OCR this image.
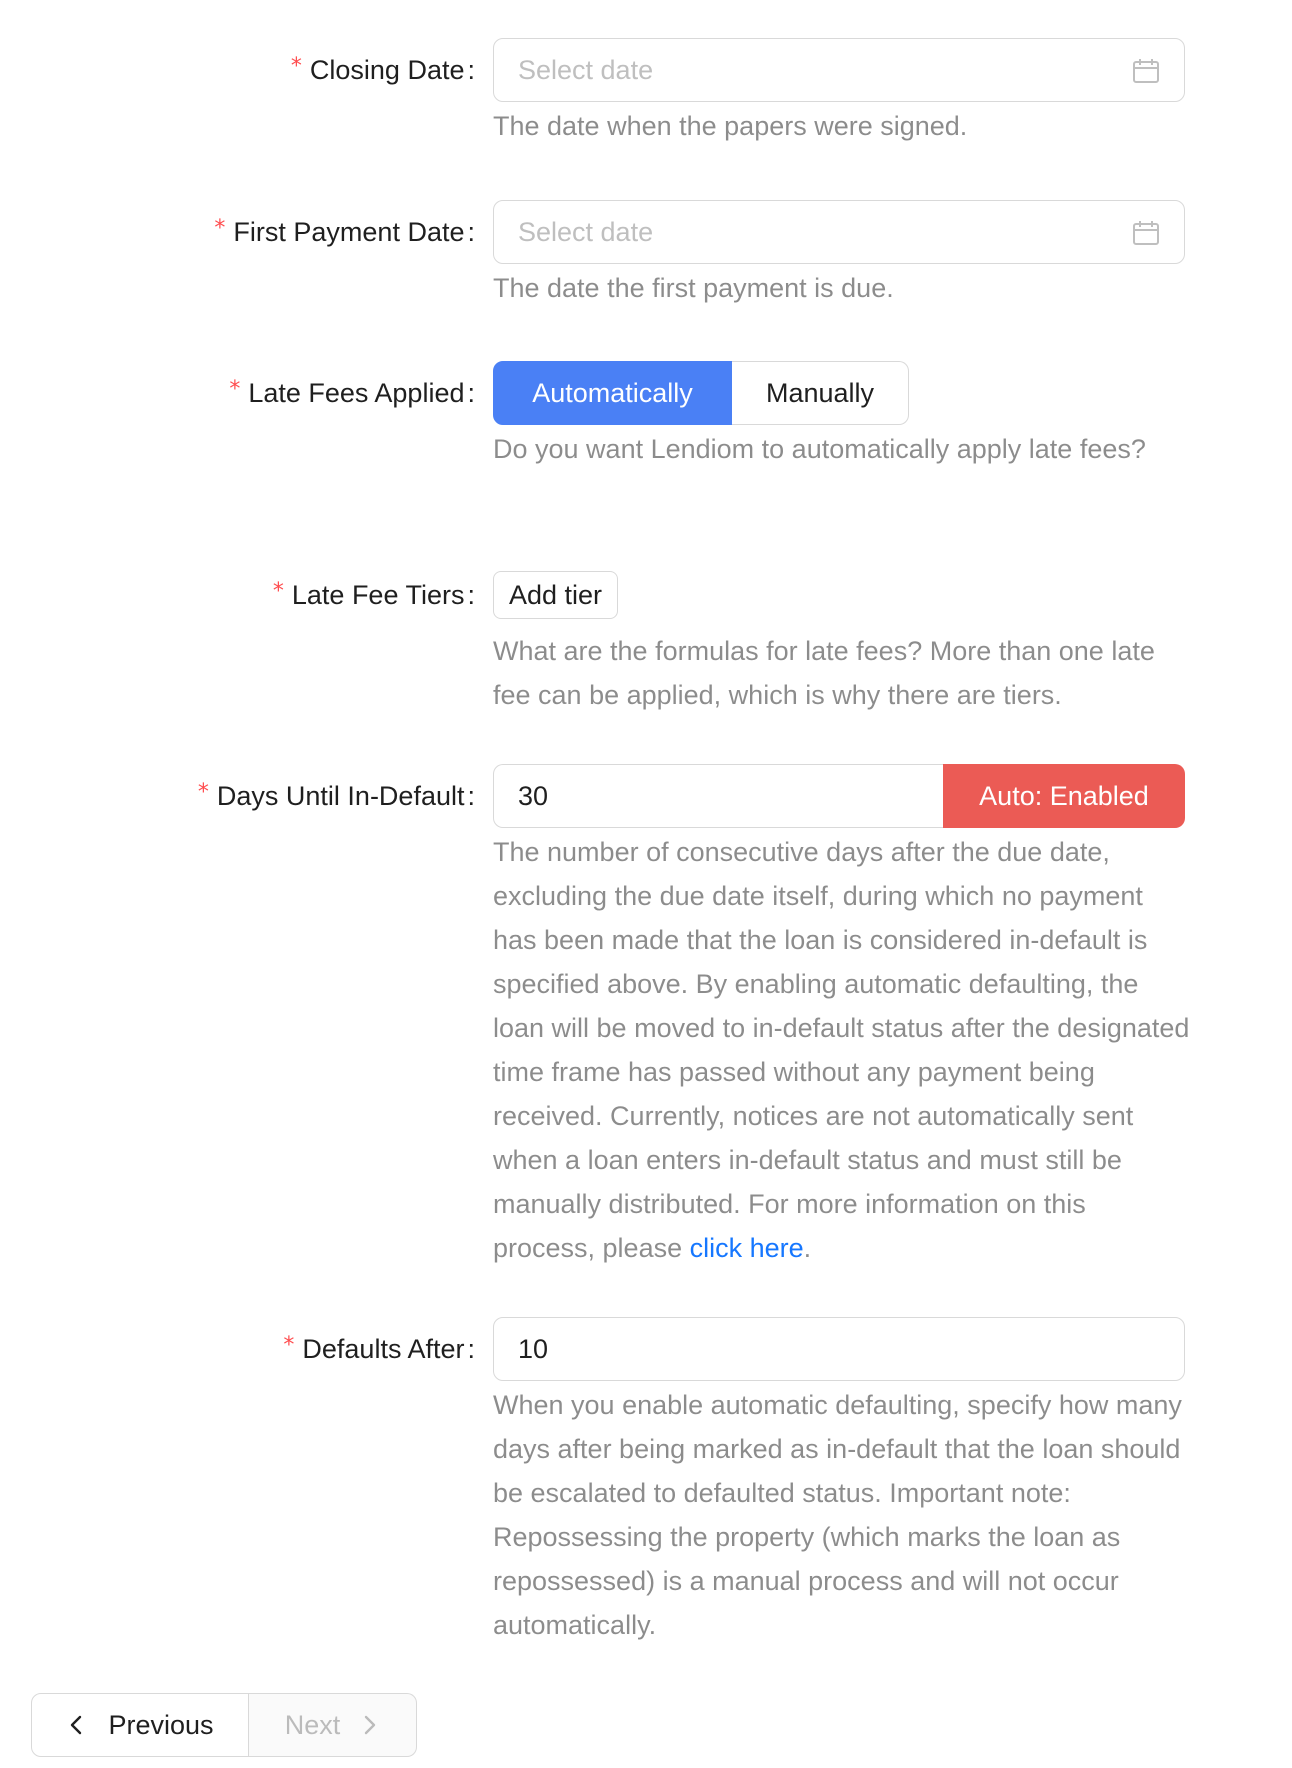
* Closing Date : Select date
The date when the papers were signed.
* First Payment Date : Select date
The date the first payment is due.
* Late Fees Applied :	Automatically	Manually
Do you want Lendiom to automatically apply late fees?
* Late Fee Tiers :	Add tier
What are the formulas for late fees? More than one late fee can be applied, which is why there are tiers.
* Days Until In-Default :	30	Auto: Enabled
The number of consecutive days after the due date, excluding the due date itself, during which no payment has been made that the loan is considered in-default is specified above. By enabling automatic defaulting, the loan will be moved to in-default status after the designated time frame has passed without any payment being received. Currently, notices are not automatically sent when a loan enters in-default status and must still be manually distributed. For more information on this process, please click here.
* Defaults After :	10
When you enable automatic defaulting, specify how many days after being marked as in-default that the loan should be escalated to defaulted status. Important note: Repossessing the property (which marks the loan as repossessed) is a manual process and will not occur automatically.
Previous	Next
